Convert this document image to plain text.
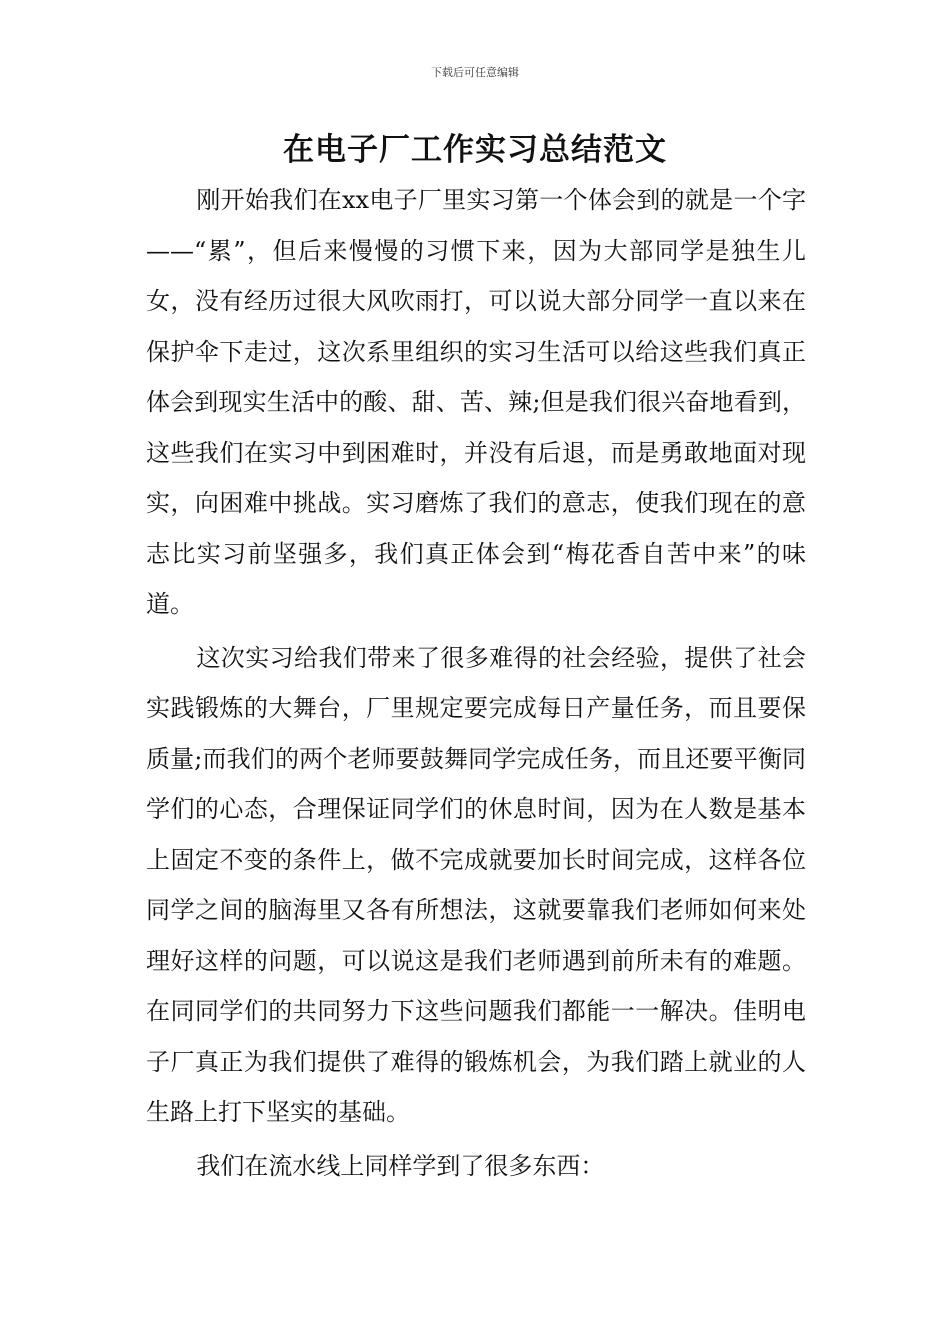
下载后可任意编辑
在电子厂工作实习总结范文

刚开始我们在xx电子厂里实习第一个体会到的就是一个字——“累”，但后来慢慢的习惯下来，因为大部同学是独生儿女，没有经历过很大风吹雨打，可以说大部分同学一直以来在保护伞下走过，这次系里组织的实习生活可以给这些我们真正体会到现实生活中的酸、甜、苦、辣;但是我们很兴奋地看到，这些我们在实习中到困难时，并没有后退，而是勇敢地面对现实，向困难中挑战。实习磨炼了我们的意志，使我们现在的意志比实习前坚强多，我们真正体会到“梅花香自苦中来”的味道。

这次实习给我们带来了很多难得的社会经验，提供了社会实践锻炼的大舞台，厂里规定要完成每日产量任务，而且要保质量;而我们的两个老师要鼓舞同学完成任务，而且还要平衡同学们的心态，合理保证同学们的休息时间，因为在人数是基本上固定不变的条件上，做不完成就要加长时间完成，这样各位同学之间的脑海里又各有所想法，这就要靠我们老师如何来处理好这样的问题，可以说这是我们老师遇到前所未有的难题。在同同学们的共同努力下这些问题我们都能一一解决。佳明电子厂真正为我们提供了难得的锻炼机会，为我们踏上就业的人生路上打下坚实的基础。

我们在流水线上同样学到了很多东西：
